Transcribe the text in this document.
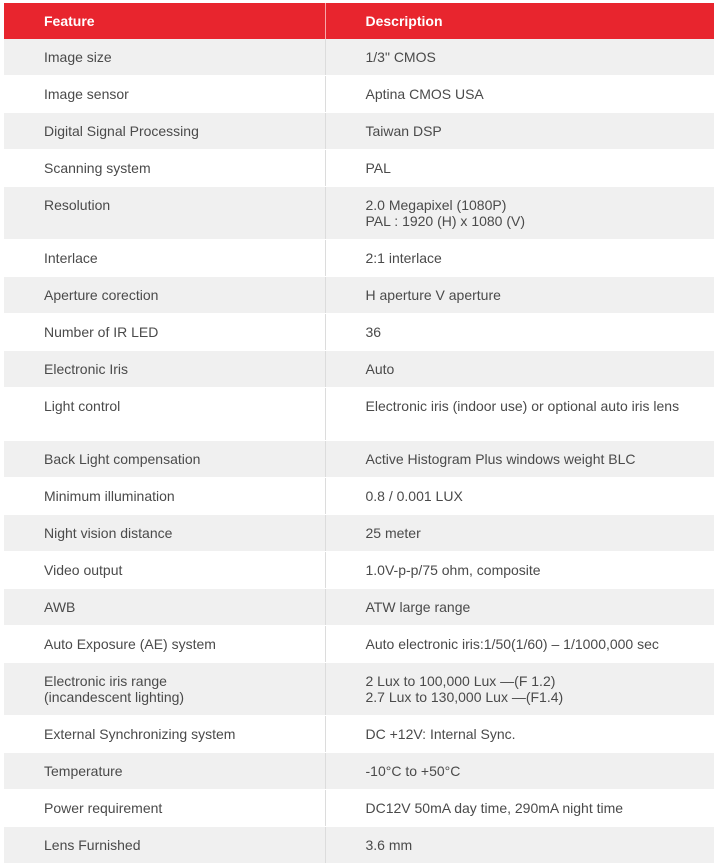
Feature	Description

Image size	1/3" CMOS

Image sensor	Aptina CMOS USA

Digital Signal Processing	Taiwan DSP

Scanning system	PAL

Resolution	2.0 Megapixel (1080P)
PAL : 1920 (H) x 1080 (V)

Interlace	2:1 interlace

Aperture corection	H aperture V aperture

Number of IR LED	36

Electronic Iris	Auto

Light control	Electronic iris (indoor use) or optional auto iris lens

Back Light compensation	Active Histogram Plus windows weight BLC

Minimum illumination	0.8 / 0.001 LUX

Night vision distance	25 meter

Video output	1.0V-p-p/75 ohm, composite

AWB	ATW large range

Auto Exposure (AE) system	Auto electronic iris:1/50(1/60) – 1/1000,000 sec

Electronic iris range
(incandescent lighting)	2 Lux to 100,000 Lux —(F 1.2)
2.7 Lux to 130,000 Lux —(F1.4)

External Synchronizing system	DC +12V: Internal Sync.

Temperature	-10°C to +50°C

Power requirement	DC12V 50mA day time, 290mA night time

Lens Furnished	3.6 mm
